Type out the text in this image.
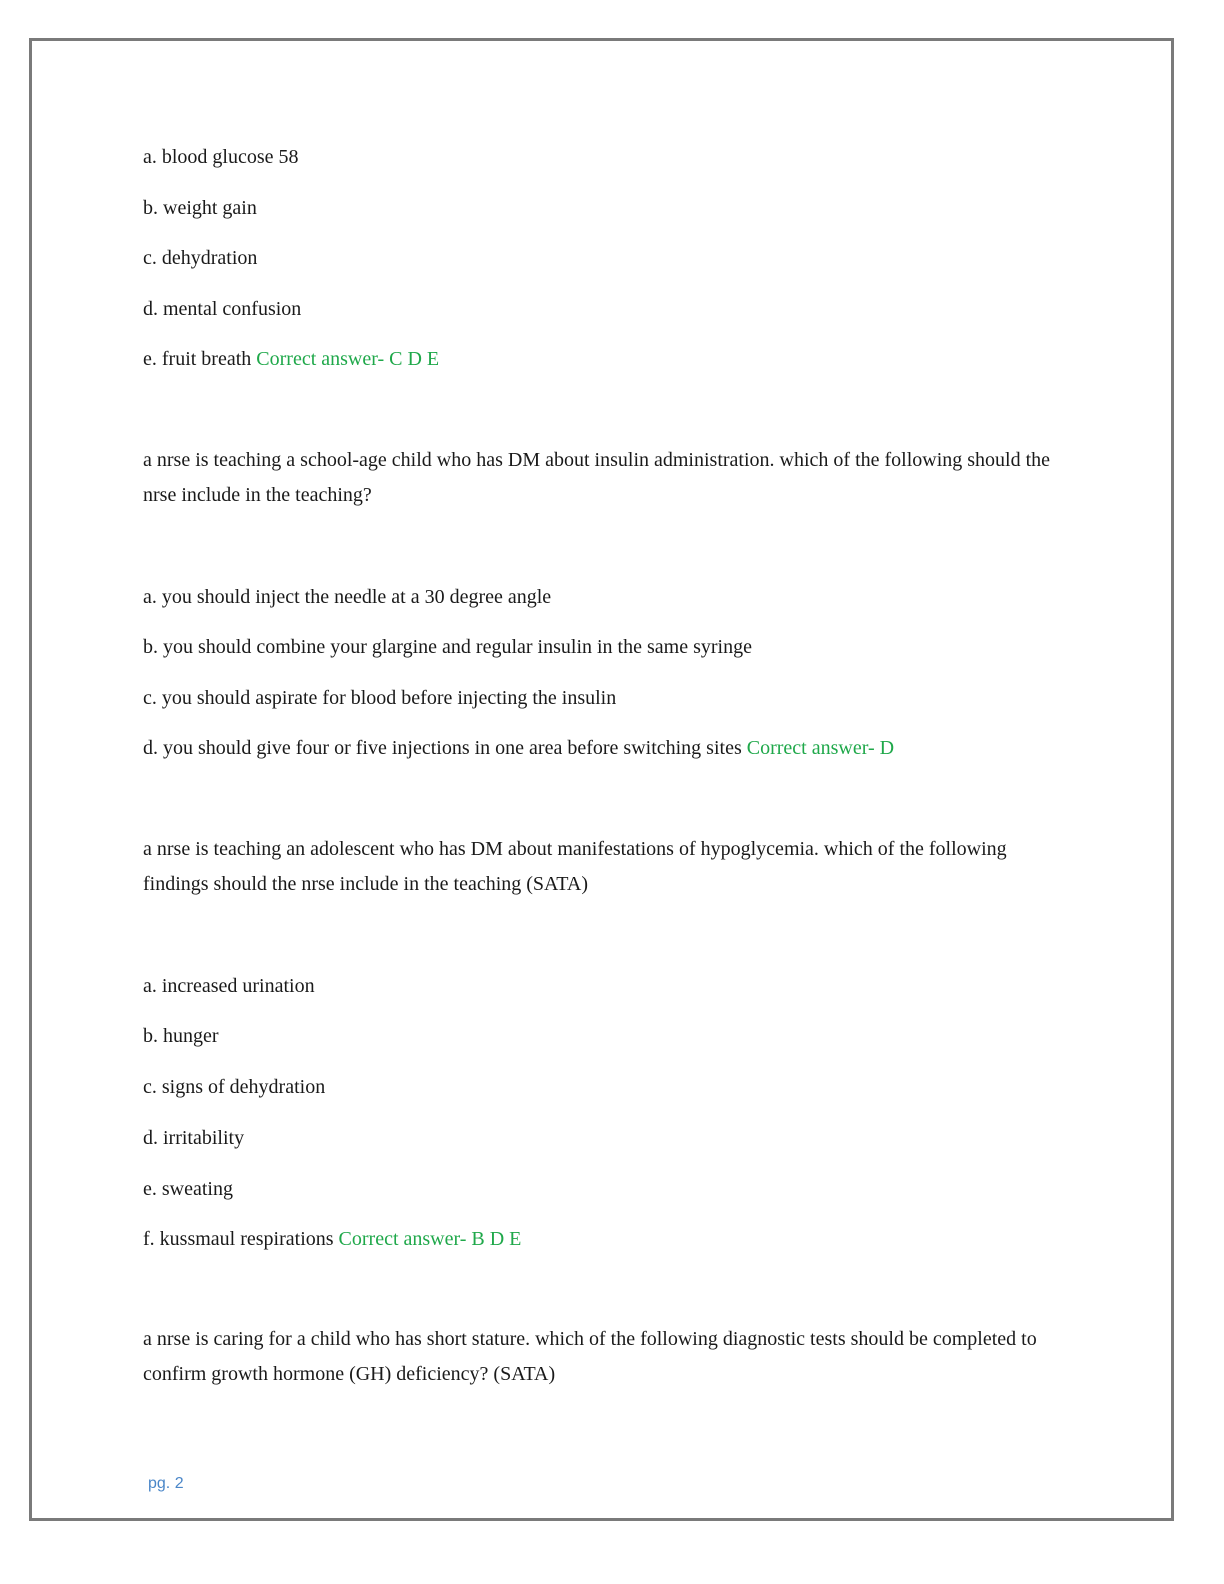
a. blood glucose 58
b. weight gain
c. dehydration
d. mental confusion
e. fruit breath Correct answer- C D E
a nrse is teaching a school-age child who has DM about insulin administration. which of the following should the nrse include in the teaching?
a. you should inject the needle at a 30 degree angle
b. you should combine your glargine and regular insulin in the same syringe
c. you should aspirate for blood before injecting the insulin
d. you should give four or five injections in one area before switching sites Correct answer- D
a nrse is teaching an adolescent who has DM about manifestations of hypoglycemia. which of the following findings should the nrse include in the teaching (SATA)
a. increased urination
b. hunger
c. signs of dehydration
d. irritability
e. sweating
f. kussmaul respirations Correct answer- B D E
a nrse is caring for a child who has short stature. which of the following diagnostic tests should be completed to confirm growth hormone (GH) deficiency? (SATA)
pg. 2
